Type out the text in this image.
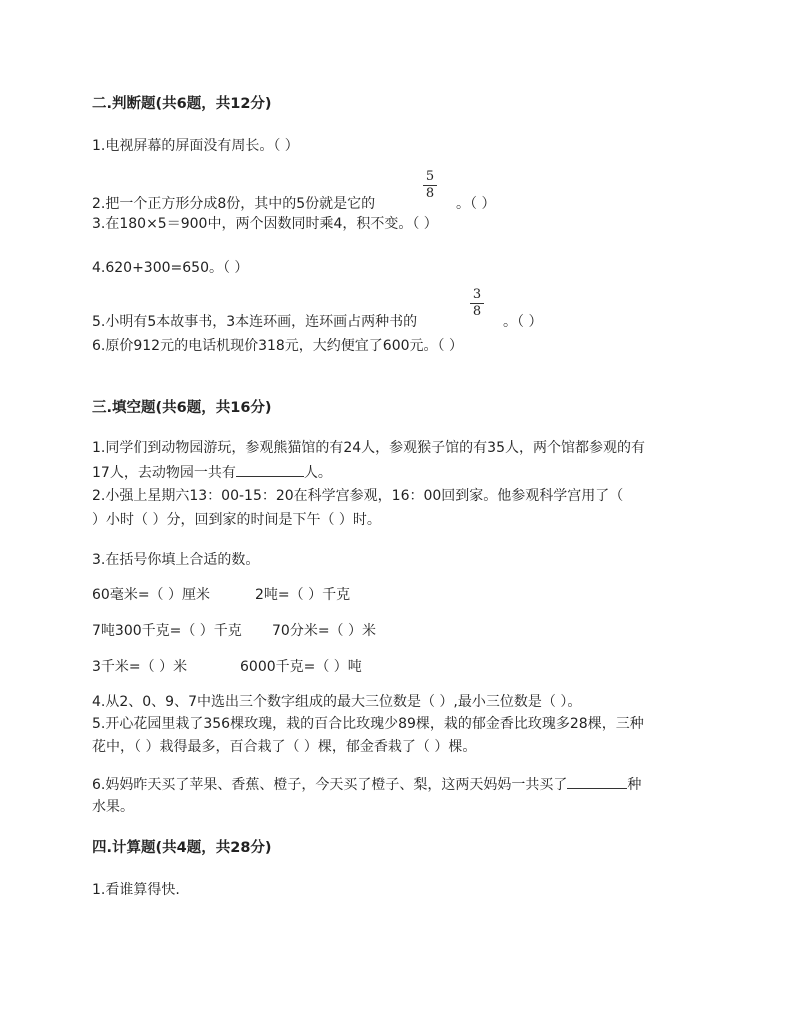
二.判断题(共6题，共12分)
1.电视屏幕的屏面没有周长。（ ）
2.把一个正方形分成8份，其中的5份就是它的
5
8
。（ ）
3.在180×5＝900中，两个因数同时乘4，积不变。（ ）
4.620+300=650。（ ）
5.小明有5本故事书，3本连环画，连环画占两种书的
3
8
。（ ）
6.原价912元的电话机现价318元，大约便宜了600元。（ ）
三.填空题(共6题，共16分)
1.同学们到动物园游玩，参观熊猫馆的有24人，参观猴子馆的有35人，两个馆都参观的有
17人，去动物园一共有	人。
2.小强上星期六13：00-15：20在科学宫参观，16：00回到家。他参观科学宫用了（
）小时（ ）分，回到家的时间是下午（ ）时。
3.在括号你填上合适的数。
60毫米=（ ）厘米	2吨=（ ）千克
7吨300千克=（ ）千克 70分米=（ ）米
3千米=（ ）米	6000千克=（ ）吨
4.从2、0、9、7中选出三个数字组成的最大三位数是（ ）,最小三位数是（ ）。
5.开心花园里栽了356棵玫瑰，栽的百合比玫瑰少89棵，栽的郁金香比玫瑰多28棵，三种
花中，（ ）栽得最多，百合栽了（ ）棵，郁金香栽了（ ）棵。
6.妈妈昨天买了苹果、香蕉、橙子，今天买了橙子、梨，这两天妈妈一共买了	种
水果。
四.计算题(共4题，共28分)
1.看谁算得快.
